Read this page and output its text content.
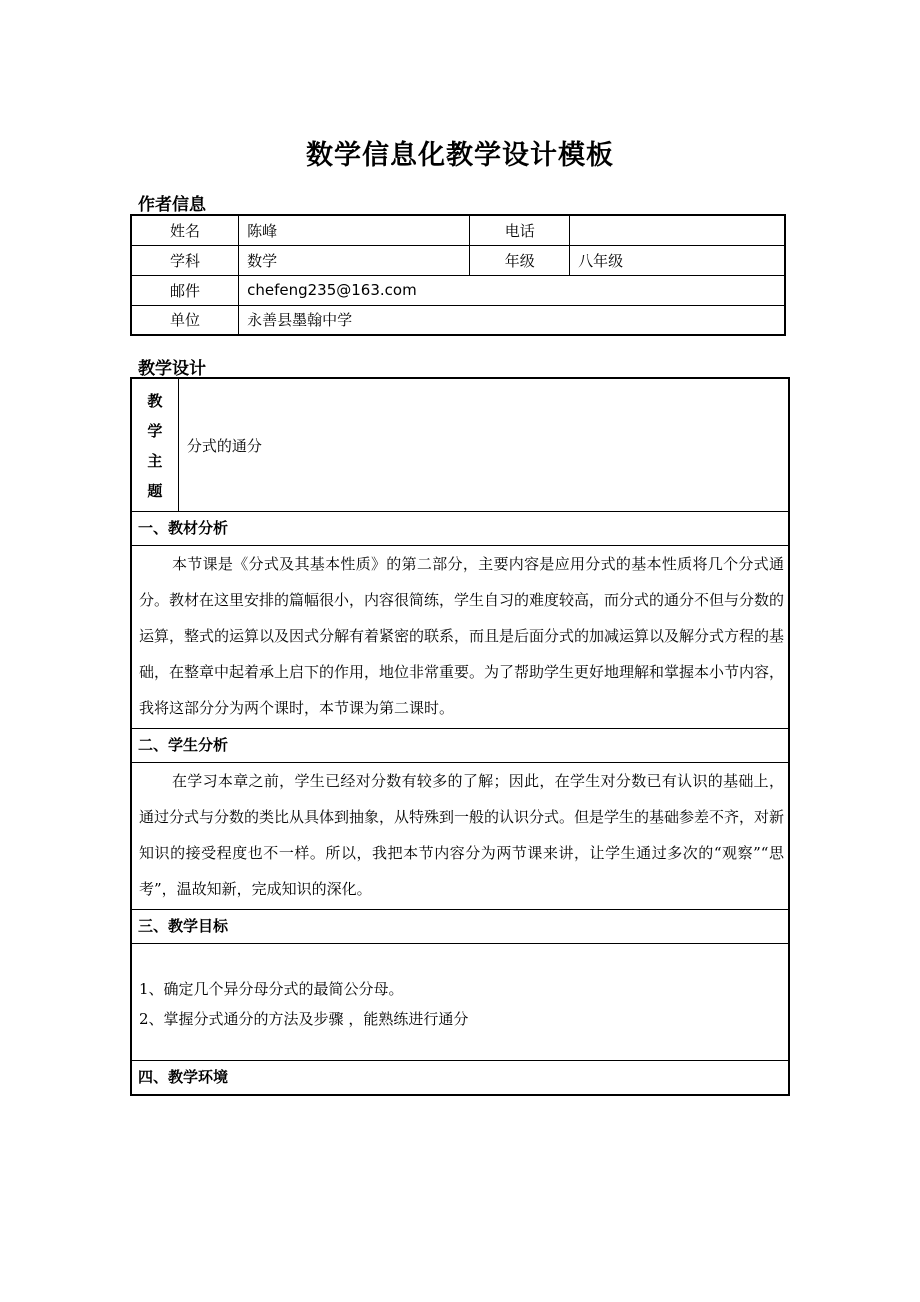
数学信息化教学设计模板
作者信息
姓名	陈峰	电话	
学科	数学	年级	八年级
邮件	chefeng235@163.com		
单位	永善县墨翰中学		
教学设计
教
学
主
题
	分式的通分
一、教材分析
本节课是《分式及其基本性质》的第二部分，主要内容是应用分式的基本性质将几个分式通分。教材在这里安排的篇幅很小，内容很简练，学生自习的难度较高，而分式的通分不但与分数的运算，整式的运算以及因式分解有着紧密的联系，而且是后面分式的加减运算以及解分式方程的基础，在整章中起着承上启下的作用，地位非常重要。为了帮助学生更好地理解和掌握本小节内容，我将这部分分为两个课时，本节课为第二课时。
二、学生分析
在学习本章之前，学生已经对分数有较多的了解；因此，在学生对分数已有认识的基础上，通过分式与分数的类比从具体到抽象，从特殊到一般的认识分式。但是学生的基础参差不齐，对新知识的接受程度也不一样。所以，我把本节内容分为两节课来讲，让学生通过多次的“观察”“思考”，温故知新，完成知识的深化。
三、教学目标

1、确定几个异分母分式的最简公分母。
2、掌握分式通分的方法及步骤 ，能熟练进行通分

四、教学环境
